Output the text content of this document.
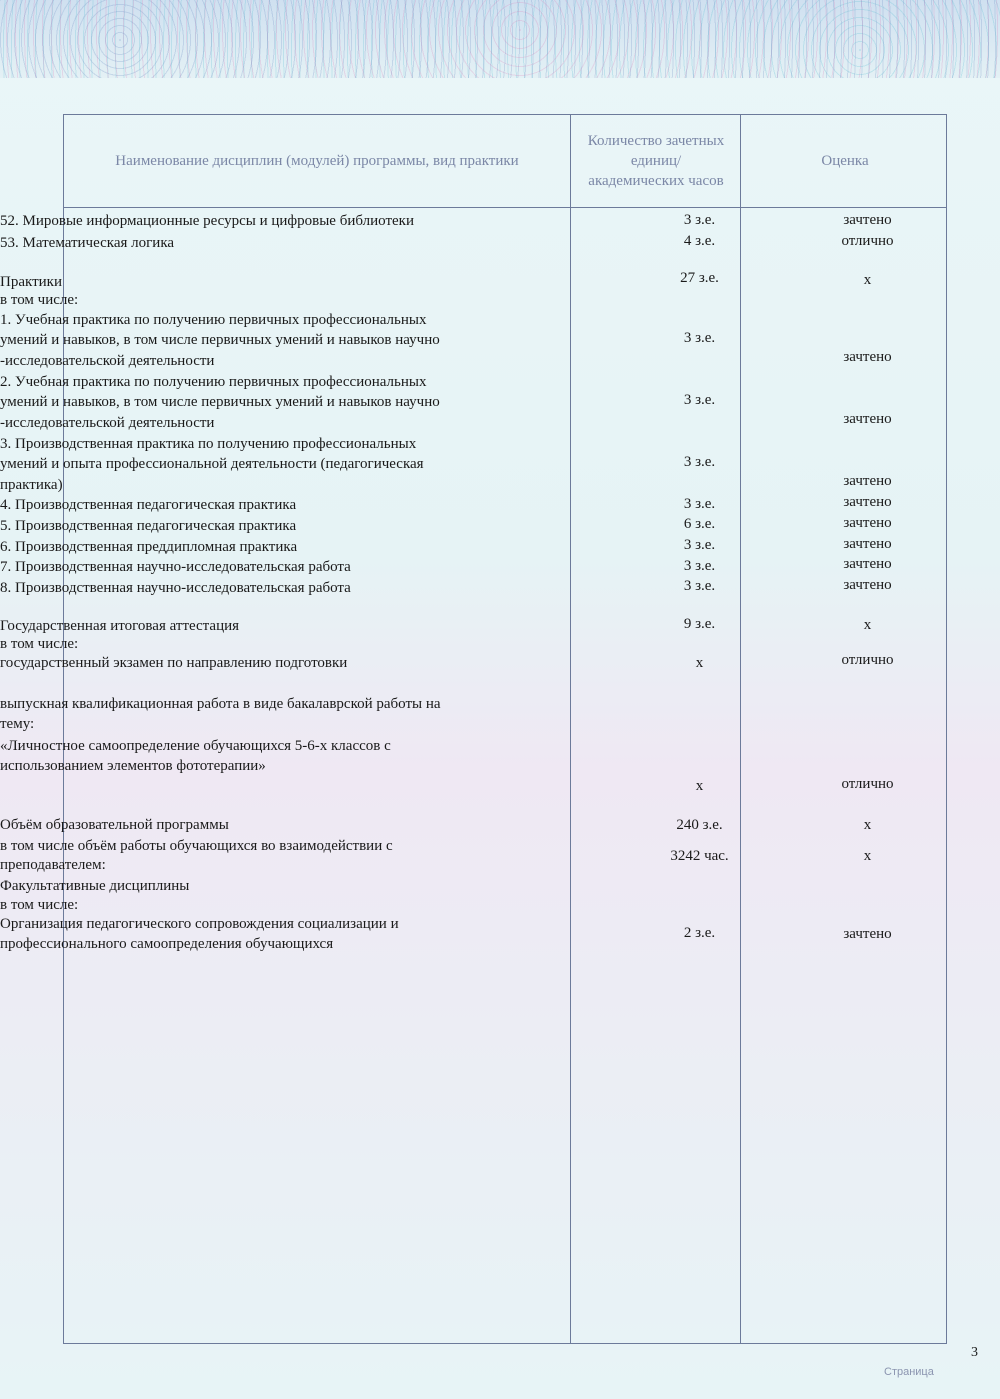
Наименование дисциплин (модулей) программы, вид практики
Количество зачетных единиц/ академических часов
Оценка
52. Мировые информационные ресурсы и цифровые библиотеки
53. Математическая логика
Практики
в том числе:
1. Учебная практика по получению первичных профессиональных
умений и навыков, в том числе первичных умений и навыков научно
-исследовательской деятельности
2. Учебная практика по получению первичных профессиональных
умений и навыков, в том числе первичных умений и навыков научно
-исследовательской деятельности
3. Производственная практика по получению профессиональных
умений и опыта профессиональной деятельности (педагогическая
практика)
4. Производственная педагогическая практика
5. Производственная педагогическая практика
6. Производственная преддипломная практика
7. Производственная научно-исследовательская работа
8. Производственная научно-исследовательская работа
Государственная итоговая аттестация
в том числе:
государственный экзамен по направлению подготовки
выпускная квалификационная работа в виде бакалаврской работы на
тему:
«Личностное самоопределение обучающихся 5-6-х классов с
использованием элементов фототерапии»
Объём образовательной программы
в том числе объём работы обучающихся во взаимодействии с
преподавателем:
Факультативные дисциплины
в том числе:
Организация педагогического сопровождения социализации и
профессионального самоопределения обучающихся
3 з.е.
4 з.е.
27 з.е.
3 з.е.
3 з.е.
3 з.е.
3 з.е.
6 з.е.
3 з.е.
3 з.е.
3 з.е.
9 з.е.
х
х
240 з.е.
3242 час.
2 з.е.
зачтено
отлично
х
зачтено
зачтено
зачтено
зачтено
зачтено
зачтено
зачтено
зачтено
х
отлично
отлично
х
х
зачтено
3
Страница
